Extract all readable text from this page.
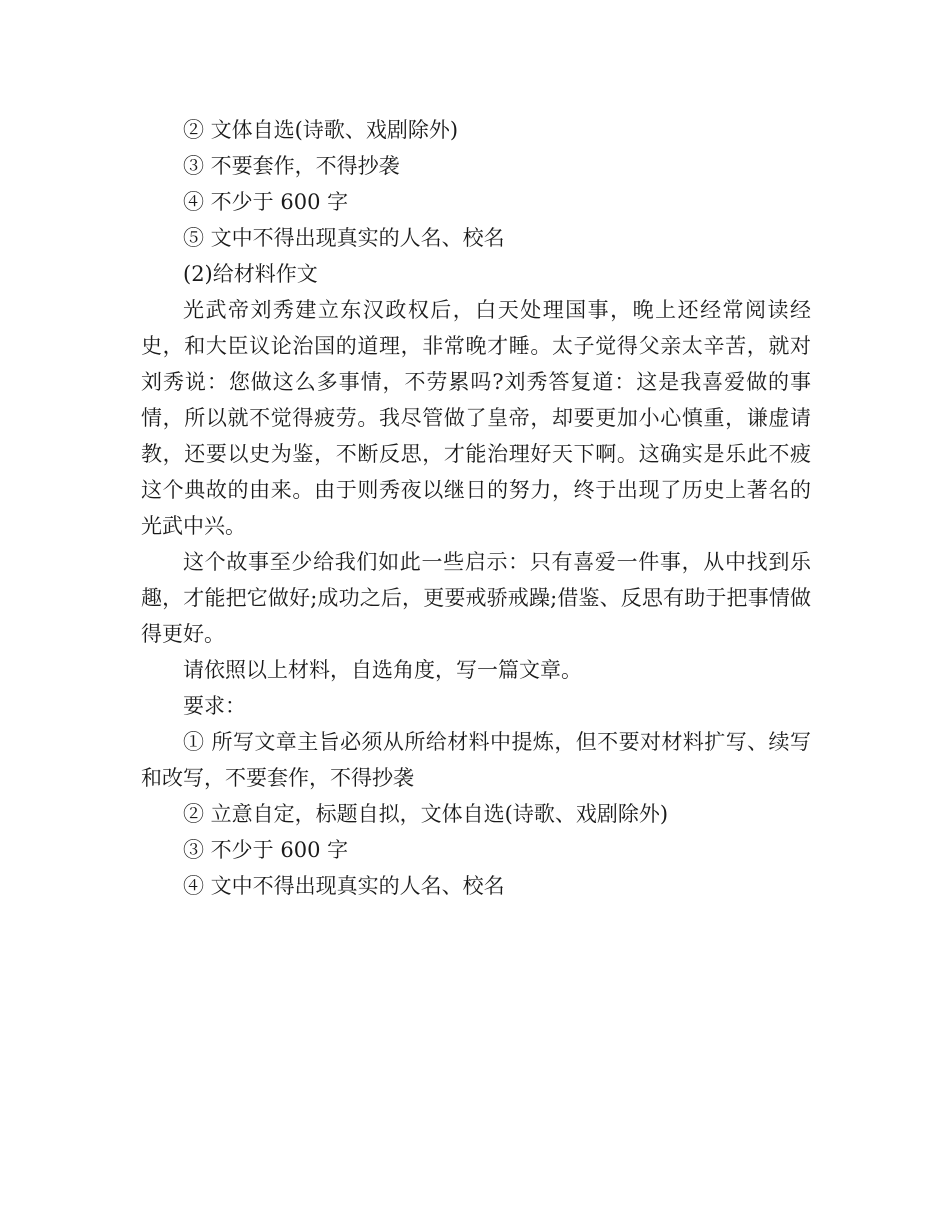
② 文体自选(诗歌、戏剧除外)

③ 不要套作，不得抄袭

④ 不少于 600 字

⑤ 文中不得出现真实的人名、校名

(2)给材料作文

光武帝刘秀建立东汉政权后，白天处理国事，晚上还经常阅读经史，和大臣议论治国的道理，非常晚才睡。太子觉得父亲太辛苦，就对刘秀说：您做这么多事情，不劳累吗?刘秀答复道：这是我喜爱做的事情，所以就不觉得疲劳。我尽管做了皇帝，却要更加小心慎重，谦虚请教，还要以史为鉴，不断反思，才能治理好天下啊。这确实是乐此不疲这个典故的由来。由于则秀夜以继日的努力，终于出现了历史上著名的光武中兴。

这个故事至少给我们如此一些启示：只有喜爱一件事，从中找到乐趣，才能把它做好;成功之后，更要戒骄戒躁;借鉴、反思有助于把事情做得更好。

请依照以上材料，自选角度，写一篇文章。

要求：

① 所写文章主旨必须从所给材料中提炼，但不要对材料扩写、续写和改写，不要套作，不得抄袭

② 立意自定，标题自拟，文体自选(诗歌、戏剧除外)

③ 不少于 600 字

④ 文中不得出现真实的人名、校名
